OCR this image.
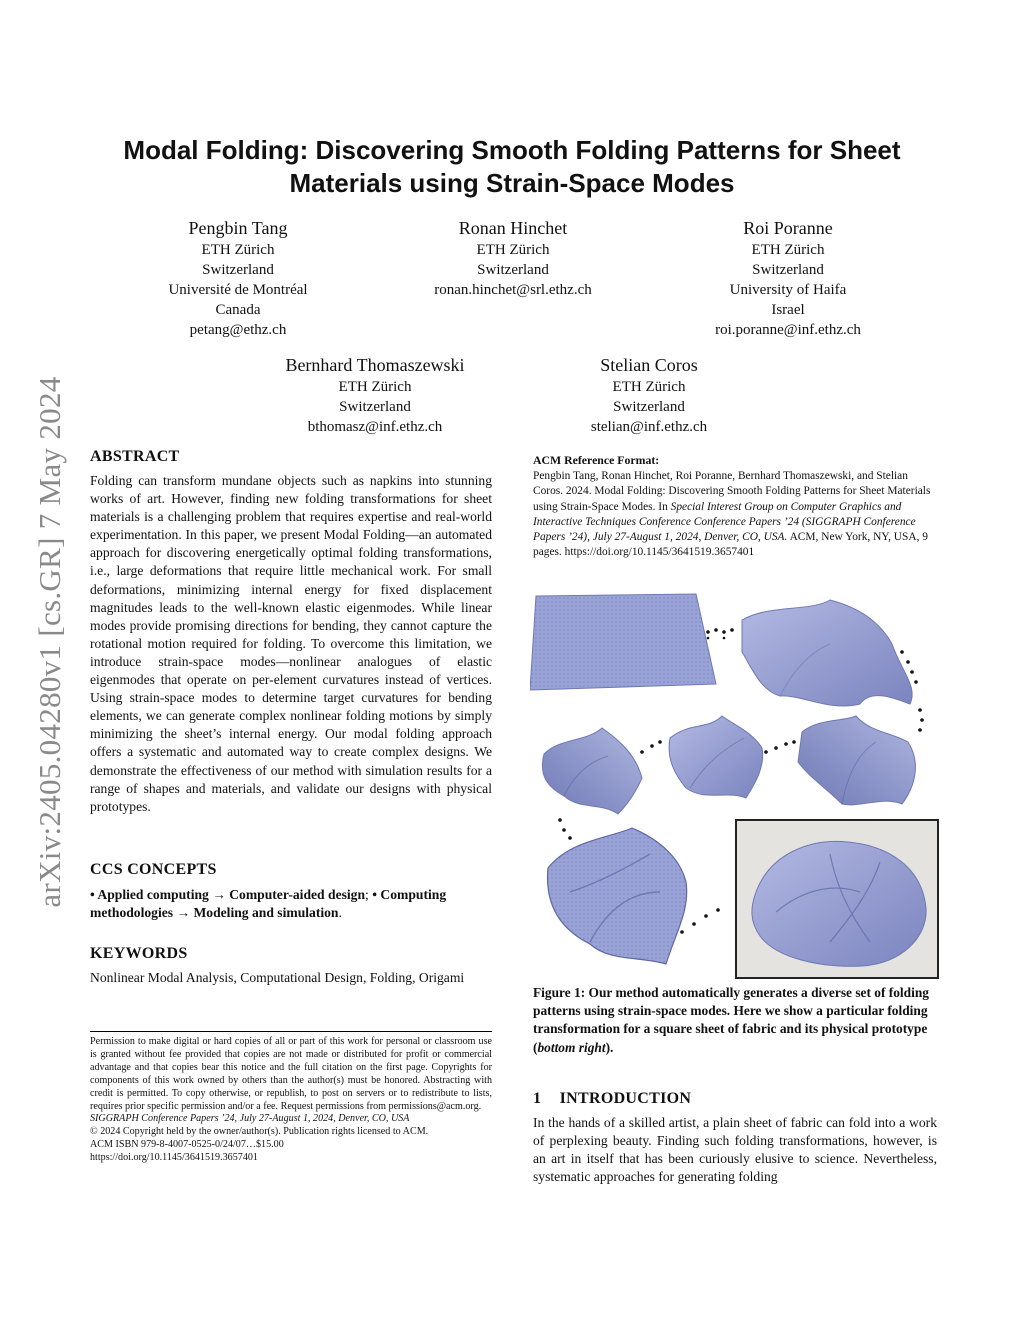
arXiv:2405.04280v1 [cs.GR] 7 May 2024
Modal Folding: Discovering Smooth Folding Patterns for Sheet Materials using Strain-Space Modes
Pengbin Tang
ETH Zürich
Switzerland
Université de Montréal
Canada
petang@ethz.ch
Ronan Hinchet
ETH Zürich
Switzerland
ronan.hinchet@srl.ethz.ch
Roi Poranne
ETH Zürich
Switzerland
University of Haifa
Israel
roi.poranne@inf.ethz.ch
Bernhard Thomaszewski
ETH Zürich
Switzerland
bthomasz@inf.ethz.ch
Stelian Coros
ETH Zürich
Switzerland
stelian@inf.ethz.ch
ABSTRACT
Folding can transform mundane objects such as napkins into stunning works of art. However, finding new folding transformations for sheet materials is a challenging problem that requires expertise and real-world experimentation. In this paper, we present Modal Folding—an automated approach for discovering energetically optimal folding transformations, i.e., large deformations that require little mechanical work. For small deformations, minimizing internal energy for fixed displacement magnitudes leads to the well-known elastic eigenmodes. While linear modes provide promising directions for bending, they cannot capture the rotational motion required for folding. To overcome this limitation, we introduce strain-space modes—nonlinear analogues of elastic eigenmodes that operate on per-element curvatures instead of vertices. Using strain-space modes to determine target curvatures for bending elements, we can generate complex nonlinear folding motions by simply minimizing the sheet’s internal energy. Our modal folding approach offers a systematic and automated way to create complex designs. We demonstrate the effectiveness of our method with simulation results for a range of shapes and materials, and validate our designs with physical prototypes.
CCS CONCEPTS
• Applied computing → Computer-aided design; • Computing methodologies → Modeling and simulation.
KEYWORDS
Nonlinear Modal Analysis, Computational Design, Folding, Origami
Permission to make digital or hard copies of all or part of this work for personal or classroom use is granted without fee provided that copies are not made or distributed for profit or commercial advantage and that copies bear this notice and the full citation on the first page. Copyrights for components of this work owned by others than the author(s) must be honored. Abstracting with credit is permitted. To copy otherwise, or republish, to post on servers or to redistribute to lists, requires prior specific permission and/or a fee. Request permissions from permissions@acm.org.
SIGGRAPH Conference Papers ’24, July 27-August 1, 2024, Denver, CO, USA
© 2024 Copyright held by the owner/author(s). Publication rights licensed to ACM.
ACM ISBN 979-8-4007-0525-0/24/07…$15.00
https://doi.org/10.1145/3641519.3657401
ACM Reference Format:
Pengbin Tang, Ronan Hinchet, Roi Poranne, Bernhard Thomaszewski, and Stelian Coros. 2024. Modal Folding: Discovering Smooth Folding Patterns for Sheet Materials using Strain-Space Modes. In Special Interest Group on Computer Graphics and Interactive Techniques Conference Conference Papers ’24 (SIGGRAPH Conference Papers ’24), July 27-August 1, 2024, Denver, CO, USA. ACM, New York, NY, USA, 9 pages. https://doi.org/10.1145/3641519.3657401
Figure 1: Our method automatically generates a diverse set of folding patterns using strain-space modes. Here we show a particular folding transformation for a square sheet of fabric and its physical prototype (bottom right).
1 INTRODUCTION
In the hands of a skilled artist, a plain sheet of fabric can fold into a work of perplexing beauty. Finding such folding transformations, however, is an art in itself that has been curiously elusive to science. Nevertheless, systematic approaches for generating folding
